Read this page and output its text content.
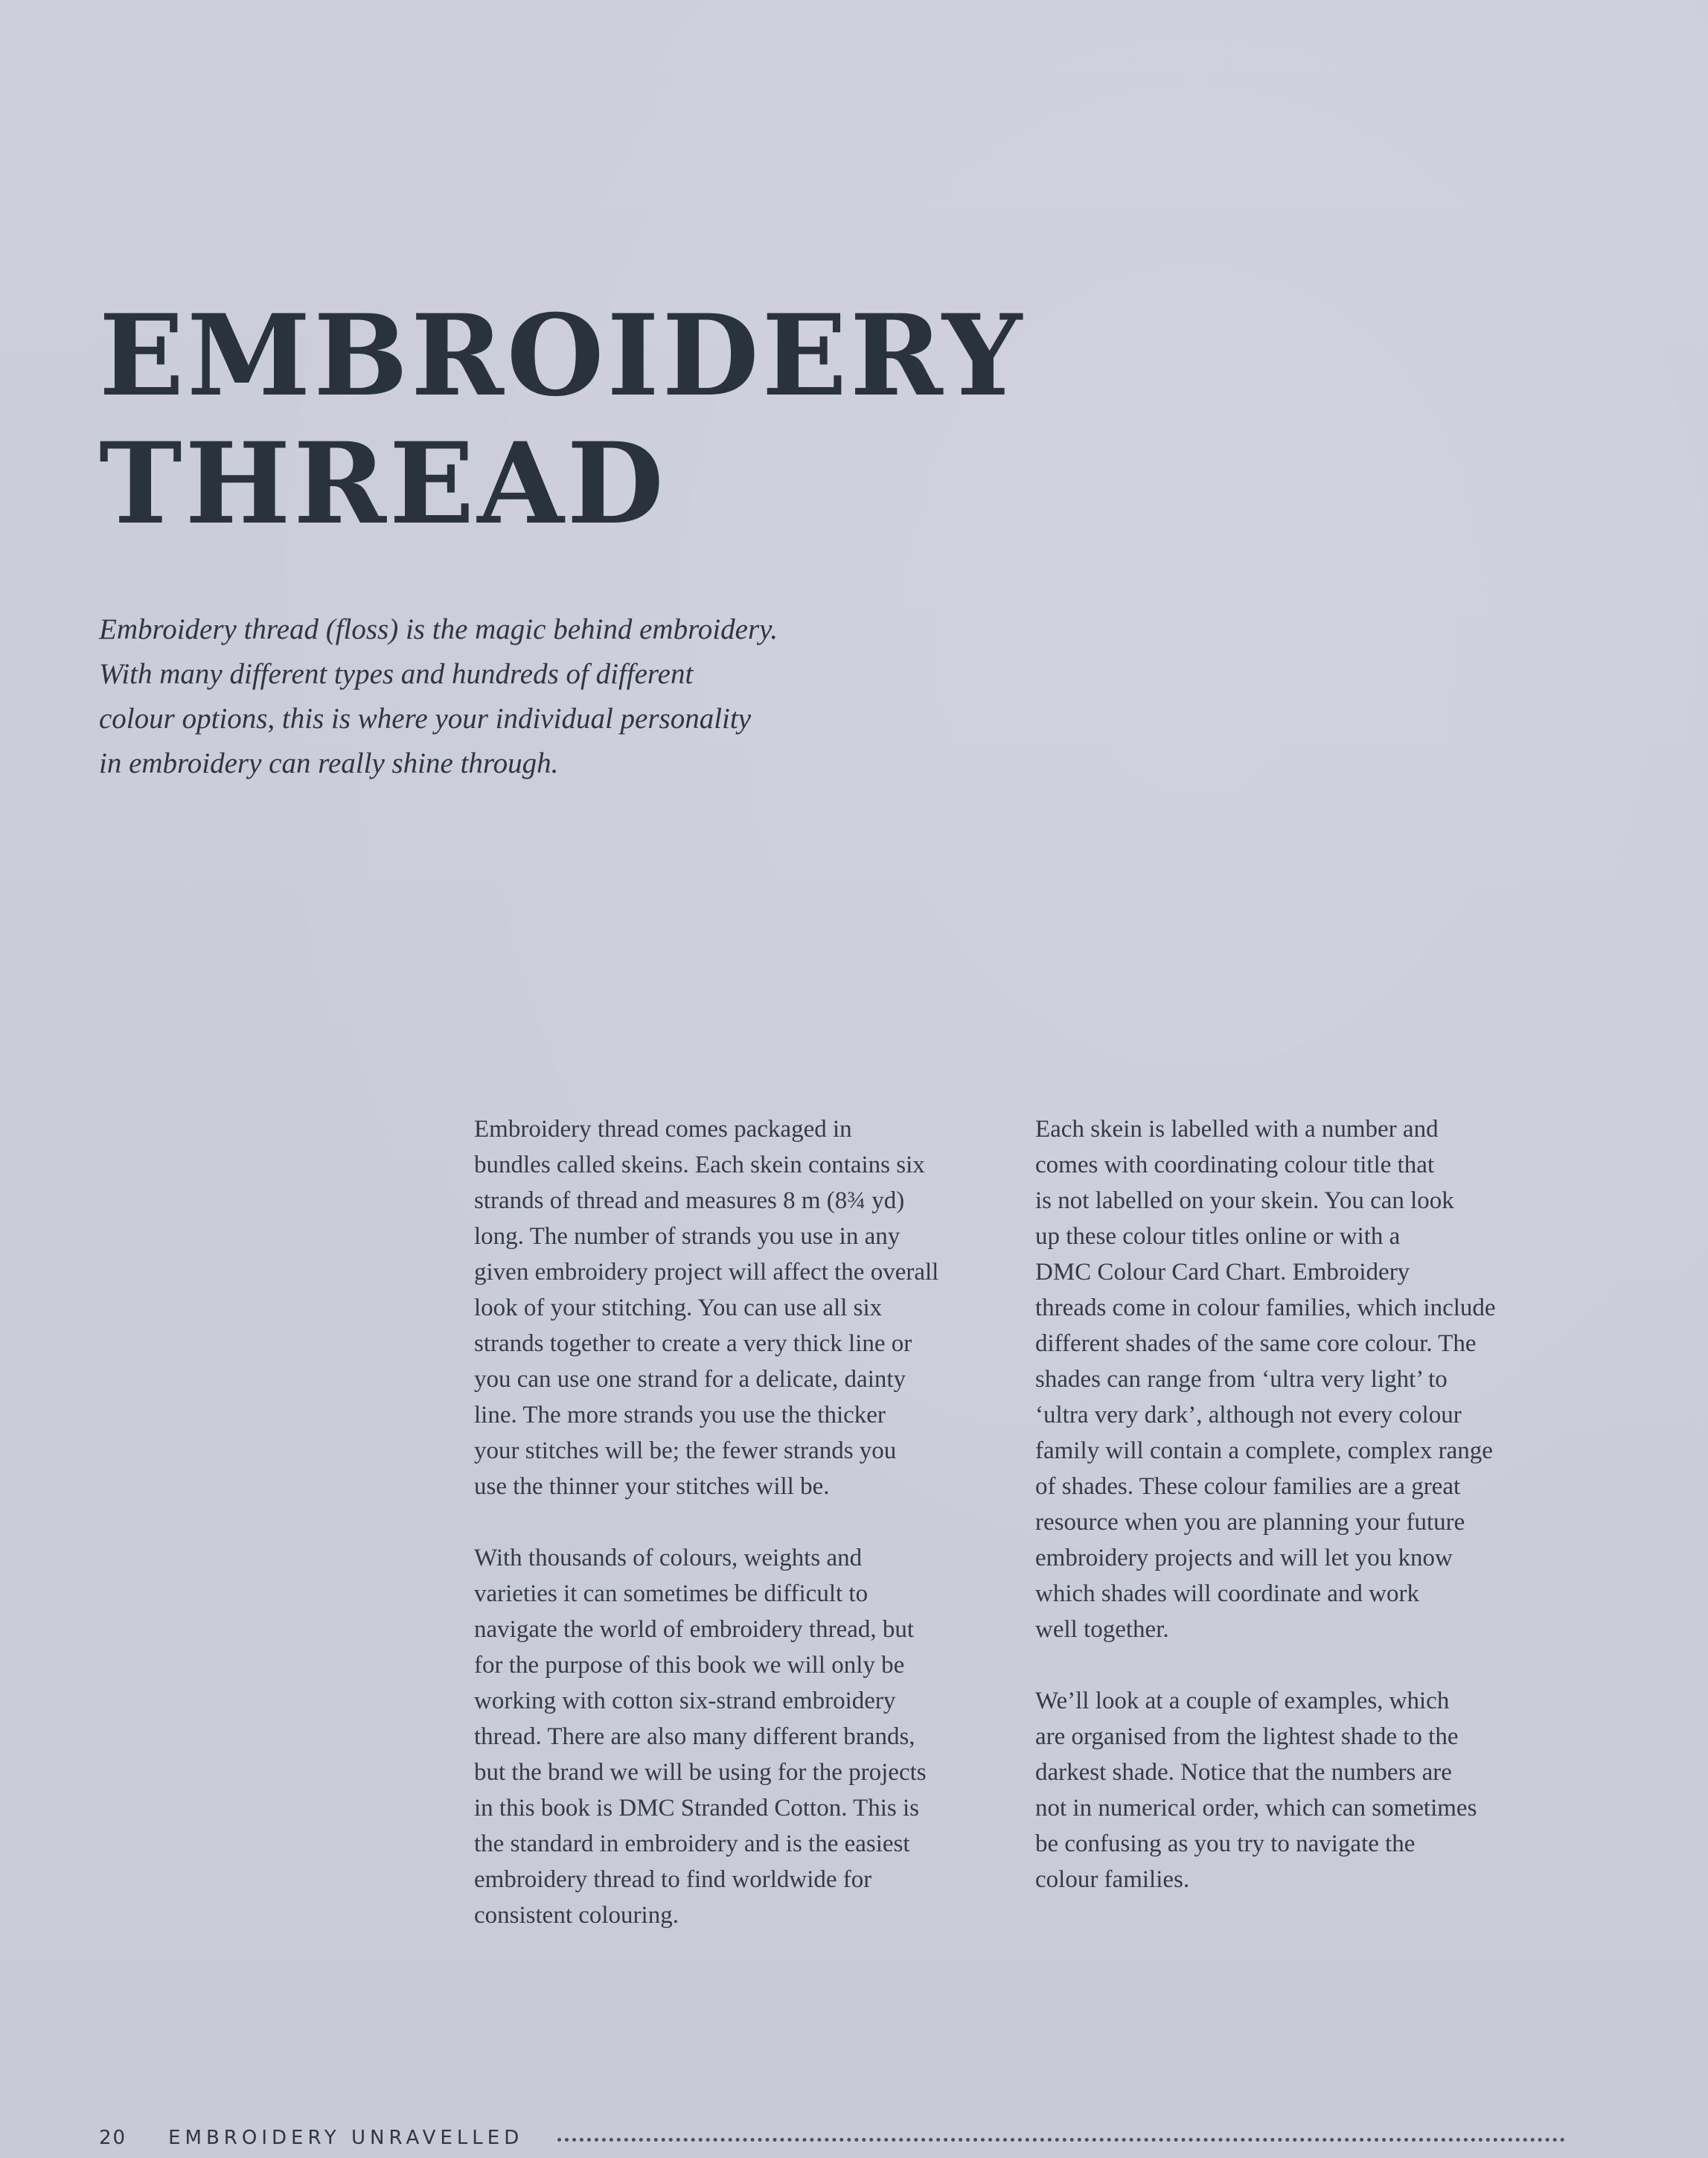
EMBROIDERY
THREAD

Embroidery thread (floss) is the magic behind embroidery.
With many different types and hundreds of different
colour options, this is where your individual personality
in embroidery can really shine through.

Embroidery thread comes packaged in
bundles called skeins. Each skein contains six
strands of thread and measures 8 m (8¾ yd)
long. The number of strands you use in any
given embroidery project will affect the overall
look of your stitching. You can use all six
strands together to create a very thick line or
you can use one strand for a delicate, dainty
line. The more strands you use the thicker
your stitches will be; the fewer strands you
use the thinner your stitches will be.

With thousands of colours, weights and
varieties it can sometimes be difficult to
navigate the world of embroidery thread, but
for the purpose of this book we will only be
working with cotton six-strand embroidery
thread. There are also many different brands,
but the brand we will be using for the projects
in this book is DMC Stranded Cotton. This is
the standard in embroidery and is the easiest
embroidery thread to find worldwide for
consistent colouring.

Each skein is labelled with a number and
comes with coordinating colour title that
is not labelled on your skein. You can look
up these colour titles online or with a
DMC Colour Card Chart. Embroidery
threads come in colour families, which include
different shades of the same core colour. The
shades can range from ‘ultra very light’ to
‘ultra very dark’, although not every colour
family will contain a complete, complex range
of shades. These colour families are a great
resource when you are planning your future
embroidery projects and will let you know
which shades will coordinate and work
well together.

We’ll look at a couple of examples, which
are organised from the lightest shade to the
darkest shade. Notice that the numbers are
not in numerical order, which can sometimes
be confusing as you try to navigate the
colour families.

20 EMBROIDERY UNRAVELLED
